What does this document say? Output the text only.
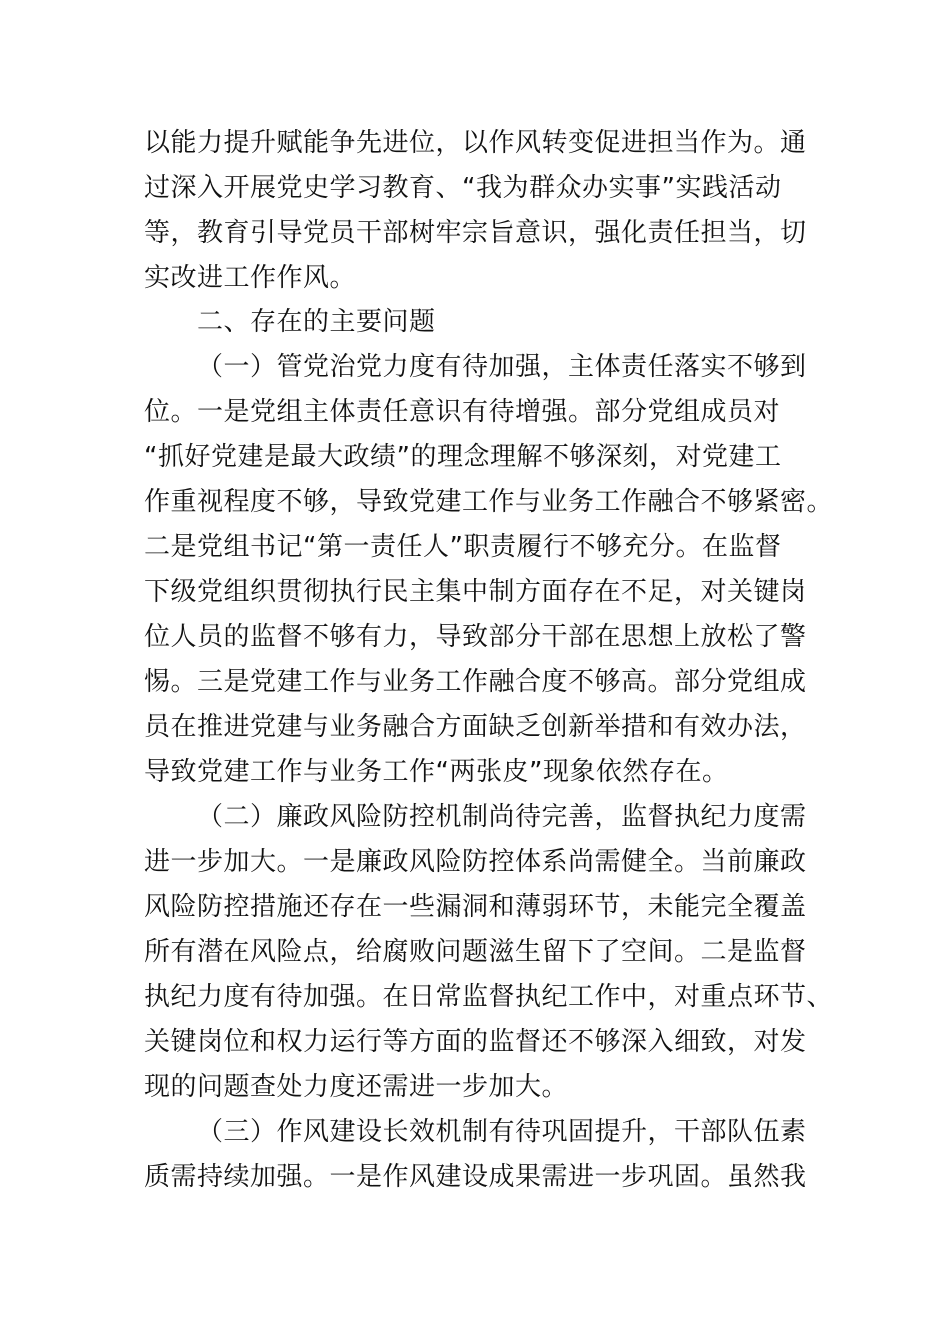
以能力提升赋能争先进位，以作风转变促进担当作为。通
过深入开展党史学习教育、“我为群众办实事”实践活动
等，教育引导党员干部树牢宗旨意识，强化责任担当，切
实改进工作作风。
二、存在的主要问题
（一）管党治党力度有待加强，主体责任落实不够到
位。一是党组主体责任意识有待增强。部分党组成员对
“抓好党建是最大政绩”的理念理解不够深刻，对党建工
作重视程度不够，导致党建工作与业务工作融合不够紧密。
二是党组书记“第一责任人”职责履行不够充分。在监督
下级党组织贯彻执行民主集中制方面存在不足，对关键岗
位人员的监督不够有力，导致部分干部在思想上放松了警
惕。三是党建工作与业务工作融合度不够高。部分党组成
员在推进党建与业务融合方面缺乏创新举措和有效办法，
导致党建工作与业务工作“两张皮”现象依然存在。
（二）廉政风险防控机制尚待完善，监督执纪力度需
进一步加大。一是廉政风险防控体系尚需健全。当前廉政
风险防控措施还存在一些漏洞和薄弱环节，未能完全覆盖
所有潜在风险点，给腐败问题滋生留下了空间。二是监督
执纪力度有待加强。在日常监督执纪工作中，对重点环节、
关键岗位和权力运行等方面的监督还不够深入细致，对发
现的问题查处力度还需进一步加大。
（三）作风建设长效机制有待巩固提升，干部队伍素
质需持续加强。一是作风建设成果需进一步巩固。虽然我
